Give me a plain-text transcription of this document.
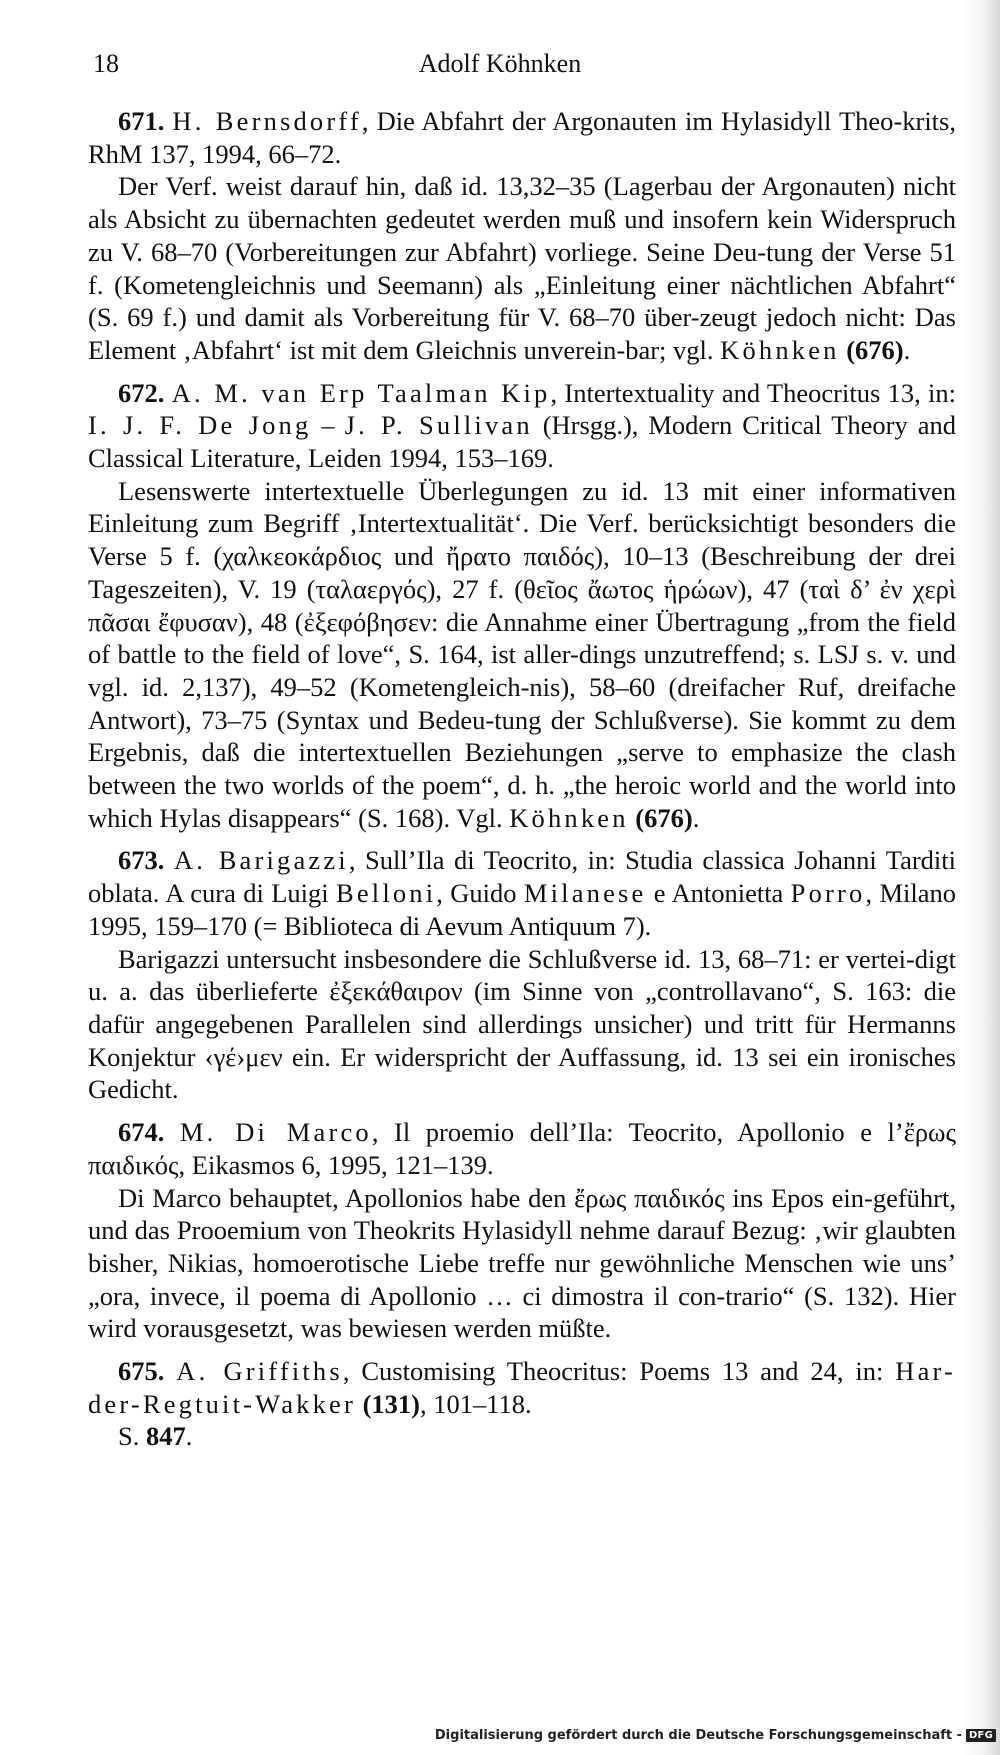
18	Adolf Köhnken

671. H. Bernsdorff, Die Abfahrt der Argonauten im Hylasidyll Theo-krits, RhM 137, 1994, 66–72.

Der Verf. weist darauf hin, daß id. 13,32–35 (Lagerbau der Argonauten) nicht als Absicht zu übernachten gedeutet werden muß und insofern kein Widerspruch zu V. 68–70 (Vorbereitungen zur Abfahrt) vorliege. Seine Deu-tung der Verse 51 f. (Kometengleichnis und Seemann) als „Einleitung einer nächtlichen Abfahrt“ (S. 69 f.) und damit als Vorbereitung für V. 68–70 über-zeugt jedoch nicht: Das Element ‚Abfahrt‘ ist mit dem Gleichnis unverein-bar; vgl. Köhnken (676).

672. A. M. van Erp Taalman Kip, Intertextuality and Theocritus 13, in: I. J. F. De Jong – J. P. Sullivan (Hrsgg.), Modern Critical Theory and Classical Literature, Leiden 1994, 153–169.

Lesenswerte intertextuelle Überlegungen zu id. 13 mit einer informativen Einleitung zum Begriff ‚Intertextualität‘. Die Verf. berücksichtigt besonders die Verse 5 f. (χαλκεοκάρδιος und ἤρατο παιδός), 10–13 (Beschreibung der drei Tageszeiten), V. 19 (ταλαεργός), 27 f. (θεῖος ἄωτος ἡρώων), 47 (ταὶ δ’ ἐν χερὶ πᾶσαι ἔφυσαν), 48 (ἐξεφόβησεν: die Annahme einer Übertragung „from the field of battle to the field of love“, S. 164, ist aller-dings unzutreffend; s. LSJ s. v. und vgl. id. 2,137), 49–52 (Kometengleich-nis), 58–60 (dreifacher Ruf, dreifache Antwort), 73–75 (Syntax und Bedeu-tung der Schlußverse). Sie kommt zu dem Ergebnis, daß die intertextuellen Beziehungen „serve to emphasize the clash between the two worlds of the poem“, d. h. „the heroic world and the world into which Hylas disappears“ (S. 168). Vgl. Köhnken (676).

673. A. Barigazzi, Sull’Ila di Teocrito, in: Studia classica Johanni Tarditi oblata. A cura di Luigi Belloni, Guido Milanese e Antonietta Porro, Milano 1995, 159–170 (= Biblioteca di Aevum Antiquum 7).

Barigazzi untersucht insbesondere die Schlußverse id. 13, 68–71: er vertei-digt u. a. das überlieferte ἐξεκάθαιρον (im Sinne von „controllavano“, S. 163: die dafür angegebenen Parallelen sind allerdings unsicher) und tritt für Hermanns Konjektur ‹γέ›μεν ein. Er widerspricht der Auffassung, id. 13 sei ein ironisches Gedicht.

674. M. Di Marco, Il proemio dell’Ila: Teocrito, Apollonio e l’ἔρως παιδικός, Eikasmos 6, 1995, 121–139.

Di Marco behauptet, Apollonios habe den ἔρως παιδικός ins Epos ein-geführt, und das Prooemium von Theokrits Hylasidyll nehme darauf Bezug: ‚wir glaubten bisher, Nikias, homoerotische Liebe treffe nur gewöhnliche Menschen wie uns’ „ora, invece, il poema di Apollonio … ci dimostra il con-trario“ (S. 132). Hier wird vorausgesetzt, was bewiesen werden müßte.

675. A. Griffiths, Customising Theocritus: Poems 13 and 24, in: Har-der-Regtuit-Wakker (131), 101–118.

S. 847.

Digitalisierung gefördert durch die Deutsche Forschungsgemeinschaft - DFG
